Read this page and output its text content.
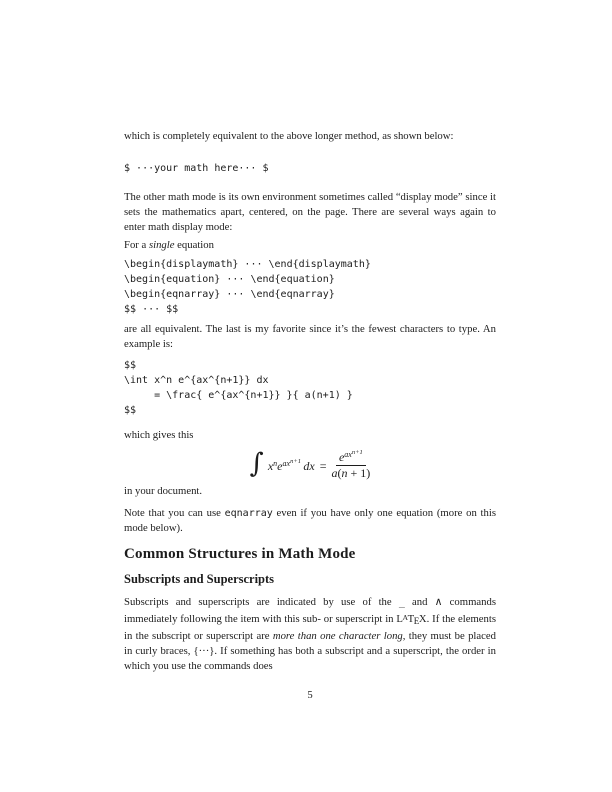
which is completely equivalent to the above longer method, as shown below:

$ ···your math here··· $

The other math mode is its own environment sometimes called “display mode” since it sets the mathematics apart, centered, on the page. There are several ways again to enter math display mode:

For a single equation

\begin{displaymath} ··· \end{displaymath}
\begin{equation} ··· \end{equation}
\begin{eqnarray} ··· \end{eqnarray}
$$ ··· $$

are all equivalent. The last is my favorite since it’s the fewest characters to type. An example is:

$$
\int x^n e^{ax^{n+1}} dx
= \frac{ e^{ax^{n+1}} }{ a(n+1) }
$$

which gives this

∫ $x^ne^{ax^{n+1}}$  dx = $\frac{e^{ax^{n+1}}}{a(n + 1)}$

in your document.

Note that you can use eqnarray even if you have only one equation (more on this mode below).

Common Structures in Math Mode
Subscripts and Superscripts

Subscripts and superscripts are indicated by use of the _ and ∧ commands immediately following the item with this sub- or superscript in $L^ATEX$. If the elements in the subscript or superscript are more than one character long, they must be placed in curly braces, {···}. If something has both a subscript and a superscript, the order in which you use the commands does

5
